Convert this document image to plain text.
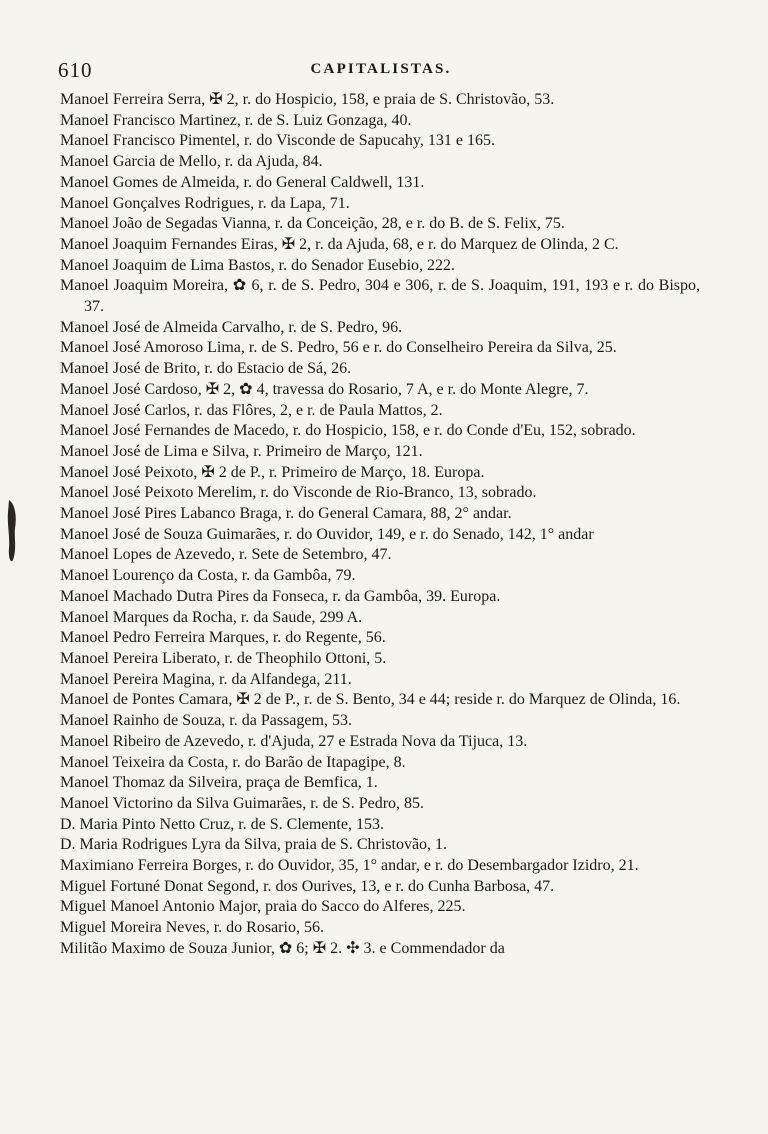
610	CAPITALISTAS.
Manoel Ferreira Serra, ✠ 2, r. do Hospicio, 158, e praia de S. Christovão, 53.
Manoel Francisco Martinez, r. de S. Luiz Gonzaga, 40.
Manoel Francisco Pimentel, r. do Visconde de Sapucahy, 131 e 165.
Manoel Garcia de Mello, r. da Ajuda, 84.
Manoel Gomes de Almeida, r. do General Caldwell, 131.
Manoel Gonçalves Rodrigues, r. da Lapa, 71.
Manoel João de Segadas Vianna, r. da Conceição, 28, e r. do B. de S. Felix, 75.
Manoel Joaquim Fernandes Eiras, ✠ 2, r. da Ajuda, 68, e r. do Marquez de Olinda, 2 C.
Manoel Joaquim de Lima Bastos, r. do Senador Eusebio, 222.
Manoel Joaquim Moreira, ✿ 6, r. de S. Pedro, 304 e 306, r. de S. Joaquim, 191, 193 e r. do Bispo, 37.
Manoel José de Almeida Carvalho, r. de S. Pedro, 96.
Manoel José Amoroso Lima, r. de S. Pedro, 56 e r. do Conselheiro Pereira da Silva, 25.
Manoel José de Brito, r. do Estacio de Sá, 26.
Manoel José Cardoso, ✠ 2, ✿ 4, travessa do Rosario, 7 A, e r. do Monte Alegre, 7.
Manoel José Carlos, r. das Flôres, 2, e r. de Paula Mattos, 2.
Manoel José Fernandes de Macedo, r. do Hospicio, 158, e r. do Conde d'Eu, 152, sobrado.
Manoel José de Lima e Silva, r. Primeiro de Março, 121.
Manoel José Peixoto, ✠ 2 de P., r. Primeiro de Março, 18. Europa.
Manoel José Peixoto Merelim, r. do Visconde de Rio-Branco, 13, sobrado.
Manoel José Pires Labanco Braga, r. do General Camara, 88, 2° andar.
Manoel José de Souza Guimarães, r. do Ouvidor, 149, e r. do Senado, 142, 1° andar
Manoel Lopes de Azevedo, r. Sete de Setembro, 47.
Manoel Lourenço da Costa, r. da Gambôa, 79.
Manoel Machado Dutra Pires da Fonseca, r. da Gambôa, 39. Europa.
Manoel Marques da Rocha, r. da Saude, 299 A.
Manoel Pedro Ferreira Marques, r. do Regente, 56.
Manoel Pereira Liberato, r. de Theophilo Ottoni, 5.
Manoel Pereira Magina, r. da Alfandega, 211.
Manoel de Pontes Camara, ✠ 2 de P., r. de S. Bento, 34 e 44; reside r. do Marquez de Olinda, 16.
Manoel Rainho de Souza, r. da Passagem, 53.
Manoel Ribeiro de Azevedo, r. d'Ajuda, 27 e Estrada Nova da Tijuca, 13.
Manoel Teixeira da Costa, r. do Barão de Itapagipe, 8.
Manoel Thomaz da Silveira, praça de Bemfica, 1.
Manoel Victorino da Silva Guimarães, r. de S. Pedro, 85.
D. Maria Pinto Netto Cruz, r. de S. Clemente, 153.
D. Maria Rodrigues Lyra da Silva, praia de S. Christovão, 1.
Maximiano Ferreira Borges, r. do Ouvidor, 35, 1° andar, e r. do Desembargador Izidro, 21.
Miguel Fortuné Donat Segond, r. dos Ourives, 13, e r. do Cunha Barbosa, 47.
Miguel Manoel Antonio Major, praia do Sacco do Alferes, 225.
Miguel Moreira Neves, r. do Rosario, 56.
Militão Maximo de Souza Junior, ✿ 6; ✠ 2. ✣ 3. e Commendador da
